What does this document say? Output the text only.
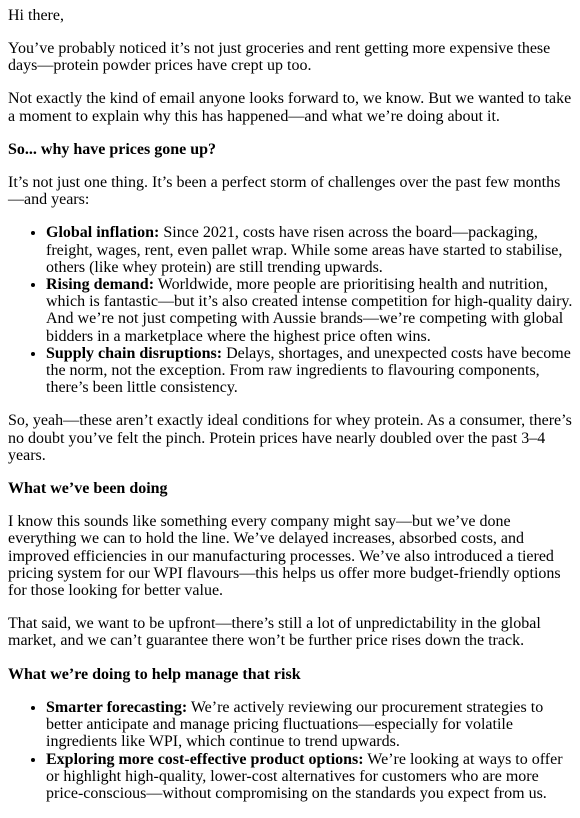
Hi there,

You’ve probably noticed it’s not just groceries and rent getting more expensive these days—protein powder prices have crept up too.

Not exactly the kind of email anyone looks forward to, we know. But we wanted to take a moment to explain why this has happened—and what we’re doing about it.

So... why have prices gone up?

It’s not just one thing. It’s been a perfect storm of challenges over the past few months—and years:

• Global inflation: Since 2021, costs have risen across the board—packaging, freight, wages, rent, even pallet wrap. While some areas have started to stabilise, others (like whey protein) are still trending upwards.
• Rising demand: Worldwide, more people are prioritising health and nutrition, which is fantastic—but it’s also created intense competition for high-quality dairy. And we’re not just competing with Aussie brands—we’re competing with global bidders in a marketplace where the highest price often wins.
• Supply chain disruptions: Delays, shortages, and unexpected costs have become the norm, not the exception. From raw ingredients to flavouring components, there’s been little consistency.

So, yeah—these aren’t exactly ideal conditions for whey protein. As a consumer, there’s no doubt you’ve felt the pinch. Protein prices have nearly doubled over the past 3–4 years.

What we’ve been doing

I know this sounds like something every company might say—but we’ve done everything we can to hold the line. We’ve delayed increases, absorbed costs, and improved efficiencies in our manufacturing processes. We’ve also introduced a tiered pricing system for our WPI flavours—this helps us offer more budget-friendly options for those looking for better value.

That said, we want to be upfront—there’s still a lot of unpredictability in the global market, and we can’t guarantee there won’t be further price rises down the track.

What we’re doing to help manage that risk
• Smarter forecasting: We’re actively reviewing our procurement strategies to better anticipate and manage pricing fluctuations—especially for volatile ingredients like WPI, which continue to trend upwards.
• Exploring more cost-effective product options: We’re looking at ways to offer or highlight high-quality, lower-cost alternatives for customers who are more price-conscious—without compromising on the standards you expect from us.
